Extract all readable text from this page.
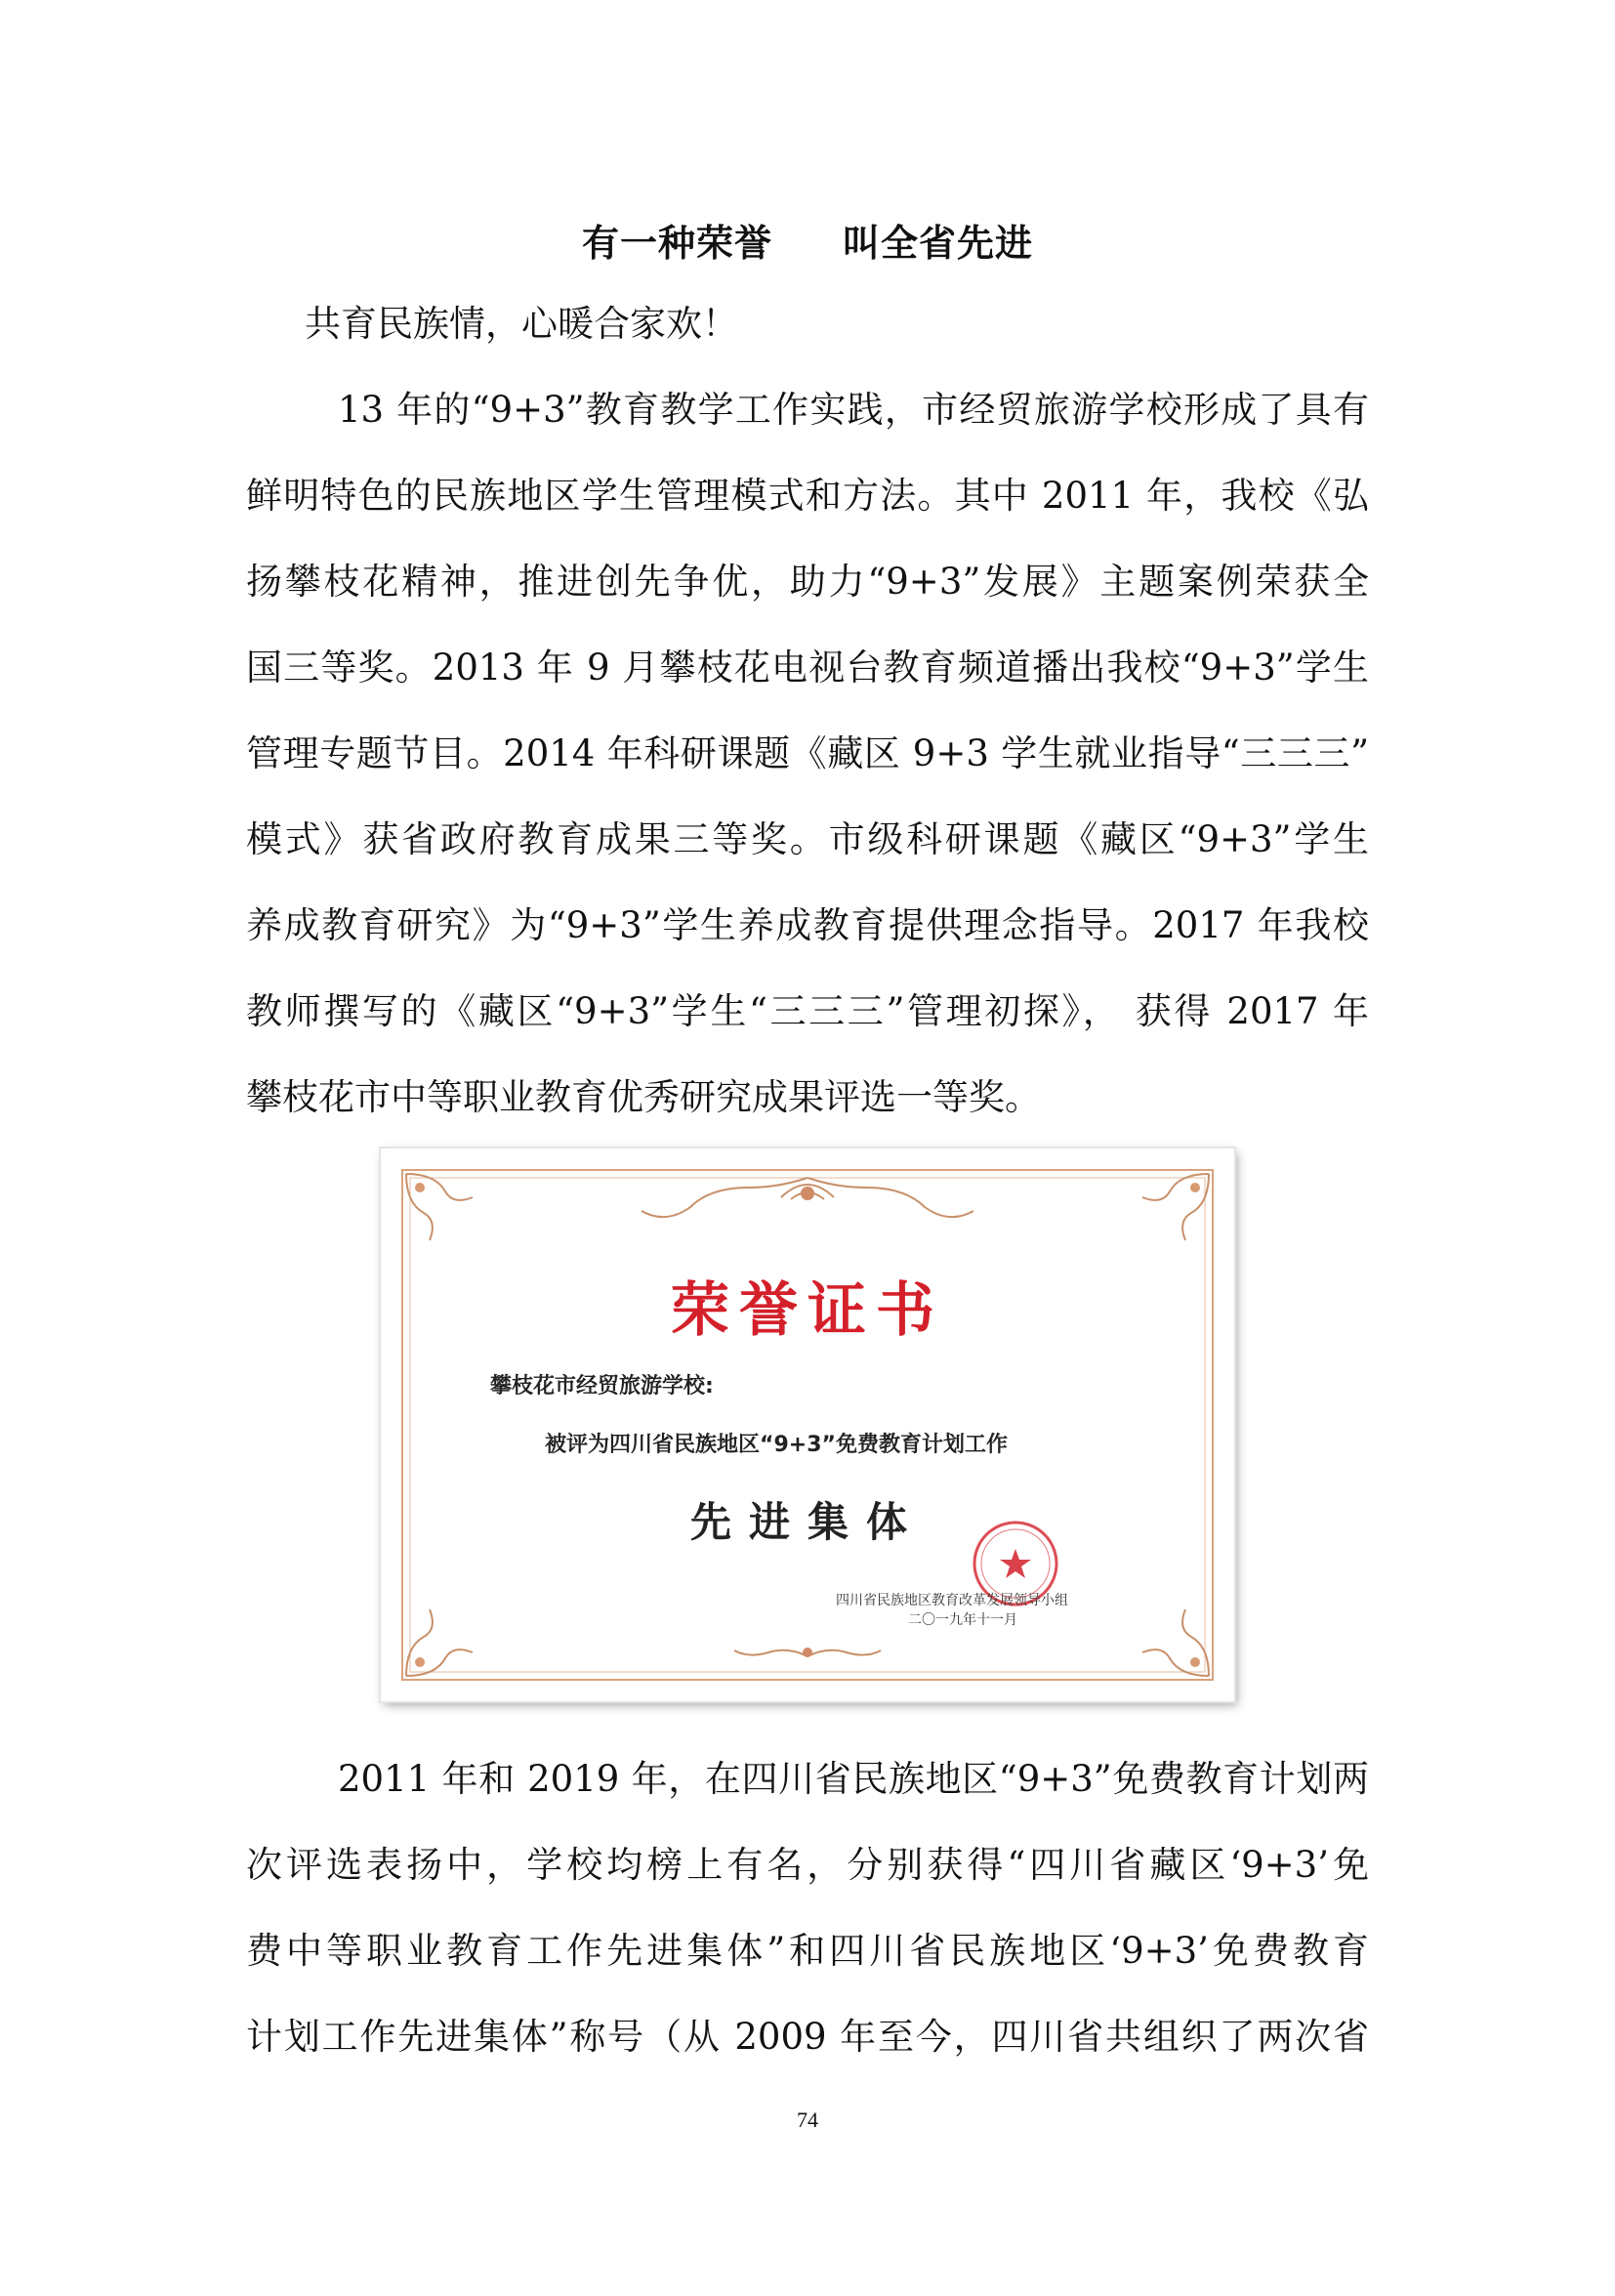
有一种荣誉 叫全省先进
共育民族情，心暖合家欢！
13 年的“9+3”教育教学工作实践，市经贸旅游学校形成了具有
鲜明特色的民族地区学生管理模式和方法。其中 2011 年，我校《弘
扬攀枝花精神，推进创先争优，助力“9+3”发展》主题案例荣获全
国三等奖。2013 年 9 月攀枝花电视台教育频道播出我校“9+3”学生
管理专题节目。2014 年科研课题《藏区 9+3 学生就业指导“三三三”
模式》获省政府教育成果三等奖。市级科研课题《藏区“9+3”学生
养成教育研究》为“9+3”学生养成教育提供理念指导。2017 年我校
教师撰写的《藏区“9+3”学生“三三三”管理初探》， 获得 2017 年
攀枝花市中等职业教育优秀研究成果评选一等奖。
2011 年和 2019 年，在四川省民族地区“9+3”免费教育计划两
次评选表扬中，学校均榜上有名，分别获得“四川省藏区‘9+3’免
费中等职业教育工作先进集体”和四川省民族地区‘9+3’免费教育
计划工作先进集体”称号（从 2009 年至今，四川省共组织了两次省
荣誉证书
攀枝花市经贸旅游学校:
被评为四川省民族地区“9+3”免费教育计划工作
先进集体
四川省民族地区教育改革发展领导小组
二〇一九年十一月
74
